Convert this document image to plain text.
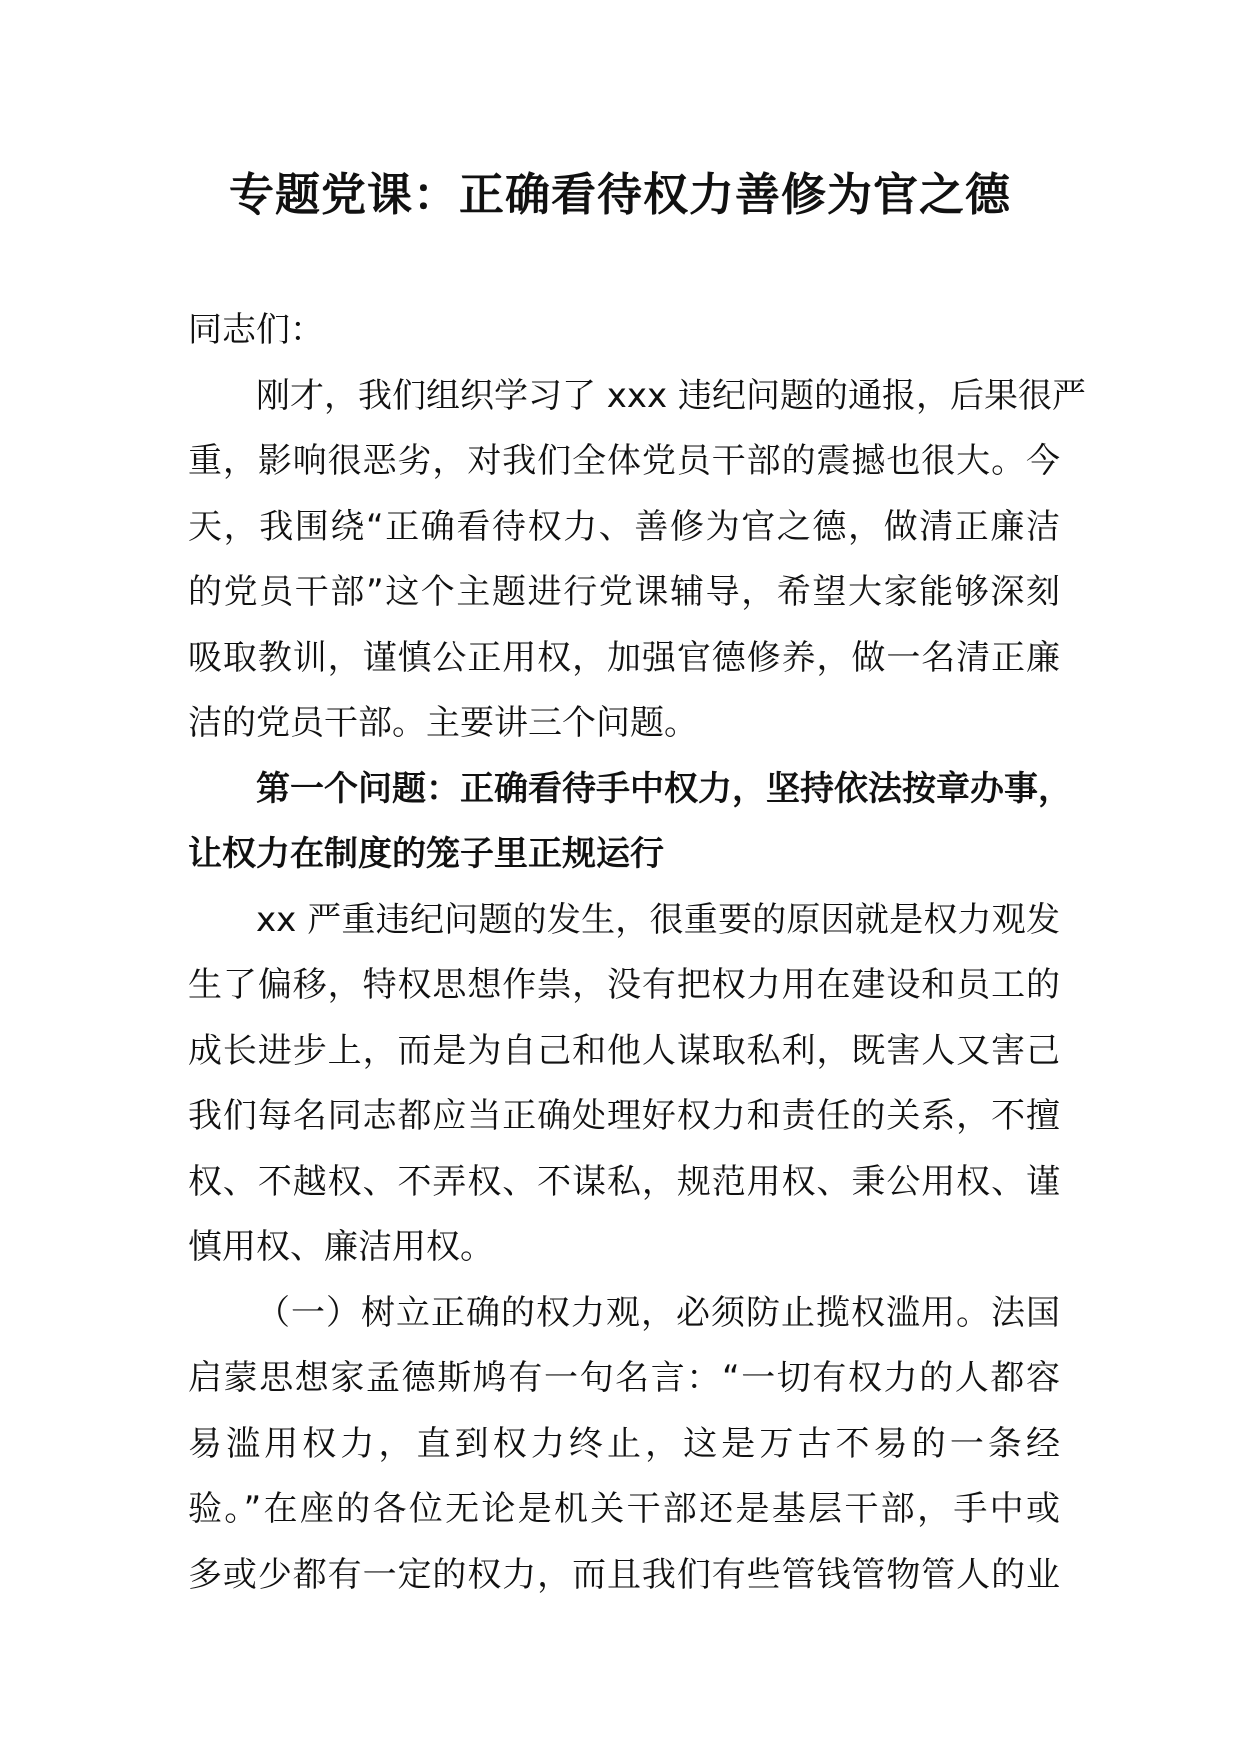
专题党课：正确看待权力善修为官之德
同志们：
刚才，我们组织学习了 xxx 违纪问题的通报，后果很严
重，影响很恶劣，对我们全体党员干部的震撼也很大。今
天，我围绕“正确看待权力、善修为官之德，做清正廉洁
的党员干部”这个主题进行党课辅导，希望大家能够深刻
吸取教训，谨慎公正用权，加强官德修养，做一名清正廉
洁的党员干部。主要讲三个问题。
第一个问题：正确看待手中权力，坚持依法按章办事，
让权力在制度的笼子里正规运行
xx 严重违纪问题的发生，很重要的原因就是权力观发
生了偏移，特权思想作祟，没有把权力用在建设和员工的
成长进步上，而是为自己和他人谋取私利，既害人又害己
我们每名同志都应当正确处理好权力和责任的关系，不擅
权、不越权、不弄权、不谋私，规范用权、秉公用权、谨
慎用权、廉洁用权。
（一）树立正确的权力观，必须防止揽权滥用。法国
启蒙思想家孟德斯鸠有一句名言：“一切有权力的人都容
易滥用权力，直到权力终止，这是万古不易的一条经
验。”在座的各位无论是机关干部还是基层干部，手中或
多或少都有一定的权力，而且我们有些管钱管物管人的业
